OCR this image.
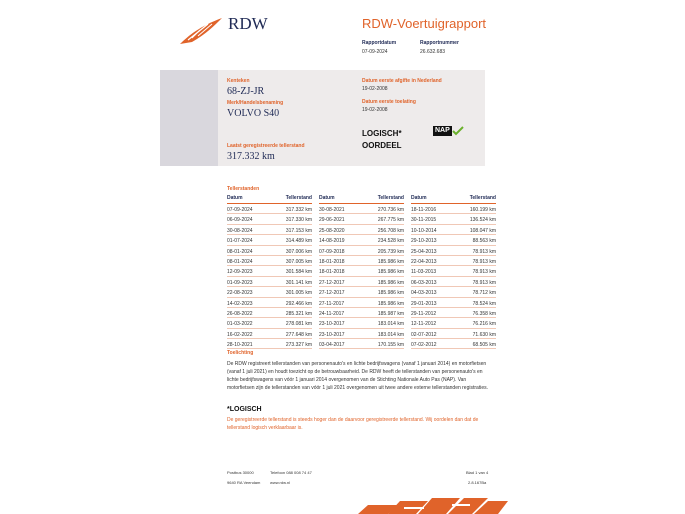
RDW	RDW-Voertuigrapport
Rapportdatum
07-09-2024
Rapportnummer
26.632.683
Kenteken
68-ZJ-JR
Merk/Handelsbenaming
VOLVO S40
Laatst geregistreerde tellerstand
317.332 km
Datum eerste afgifte in Nederland
19-02-2008
Datum eerste toelating
19-02-2008
LOGISCH*
OORDEEL
NAP
Tellerstanden
Datum	Tellerstand
07-09-2024	317.332 km
06-09-2024	317.330 km
30-08-2024	317.153 km
01-07-2024	314.489 km
08-01-2024	307.006 km
08-01-2024	307.005 km
12-09-2023	301.584 km
01-09-2023	301.141 km
22-08-2023	301.005 km
14-02-2023	292.466 km
26-08-2022	285.321 km
01-03-2022	278.081 km
16-02-2022	277.648 km
28-10-2021	273.327 km
Datum	Tellerstand
30-08-2021	270.736 km
29-06-2021	267.775 km
25-08-2020	256.708 km
14-08-2019	234.528 km
07-09-2018	205.739 km
18-01-2018	185.986 km
18-01-2018	185.986 km
27-12-2017	185.986 km
27-12-2017	185.986 km
27-11-2017	185.986 km
24-11-2017	185.987 km
23-10-2017	183.014 km
23-10-2017	183.014 km
03-04-2017	170.155 km
Datum	Tellerstand
18-11-2016	160.199 km
30-11-2015	136.524 km
10-10-2014	108.047 km
29-10-2013	88.563 km
25-04-2013	78.913 km
22-04-2013	78.913 km
11-03-2013	78.913 km
06-03-2013	78.913 km
04-03-2013	78.712 km
29-01-2013	78.524 km
29-11-2012	76.358 km
12-11-2012	76.216 km
02-07-2012	71.630 km
07-02-2012	68.505 km
Toelichting
De RDW registreert tellerstanden van personenauto's en lichte bedrijfswagens (vanaf 1 januari 2014) en motorfietsen (vanaf 1 juli 2021) en houdt toezicht op de betrouwbaarheid. De RDW heeft de tellerstanden van personenauto's en lichte bedrijfswagens van vóór 1 januari 2014 overgenomen van de Stichting Nationale Auto Pas (NAP). Van motorfietsen zijn de tellerstanden van vóór 1 juli 2021 overgenomen uit twee andere externe tellerstanden registraties.
*LOGISCH
De geregistreerde tellerstand is steeds hoger dan de daarvoor geregistreerde tellerstand. Wij oordelen dan dat de tellerstand logisch verklaarbaar is.
Postbus 30000	Telefoon 088 008 74 47
9640 RA Veendam www.rdw.nl
Blad 1 van 4
2.8.167Ba
